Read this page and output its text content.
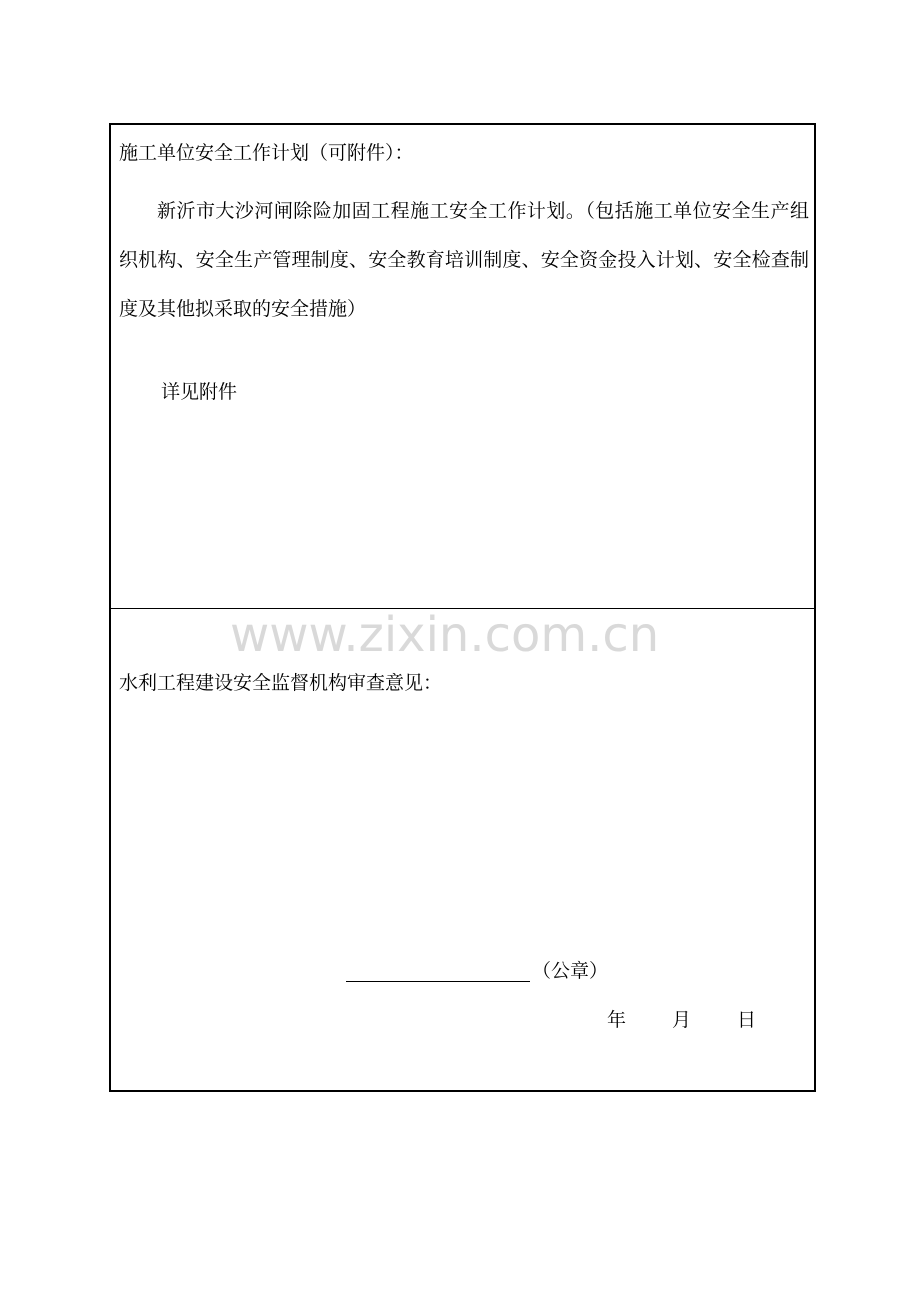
施工单位安全工作计划（可附件）：

新沂市大沙河闸除险加固工程施工安全工作计划。（包括施工单位安全生产组织机构、安全生产管理制度、安全教育培训制度、安全资金投入计划、安全检查制度及其他拟采取的安全措施）

详见附件
水利工程建设安全监督机构审查意见：
（公章）
年 月 日
www.zixin.com.cn
